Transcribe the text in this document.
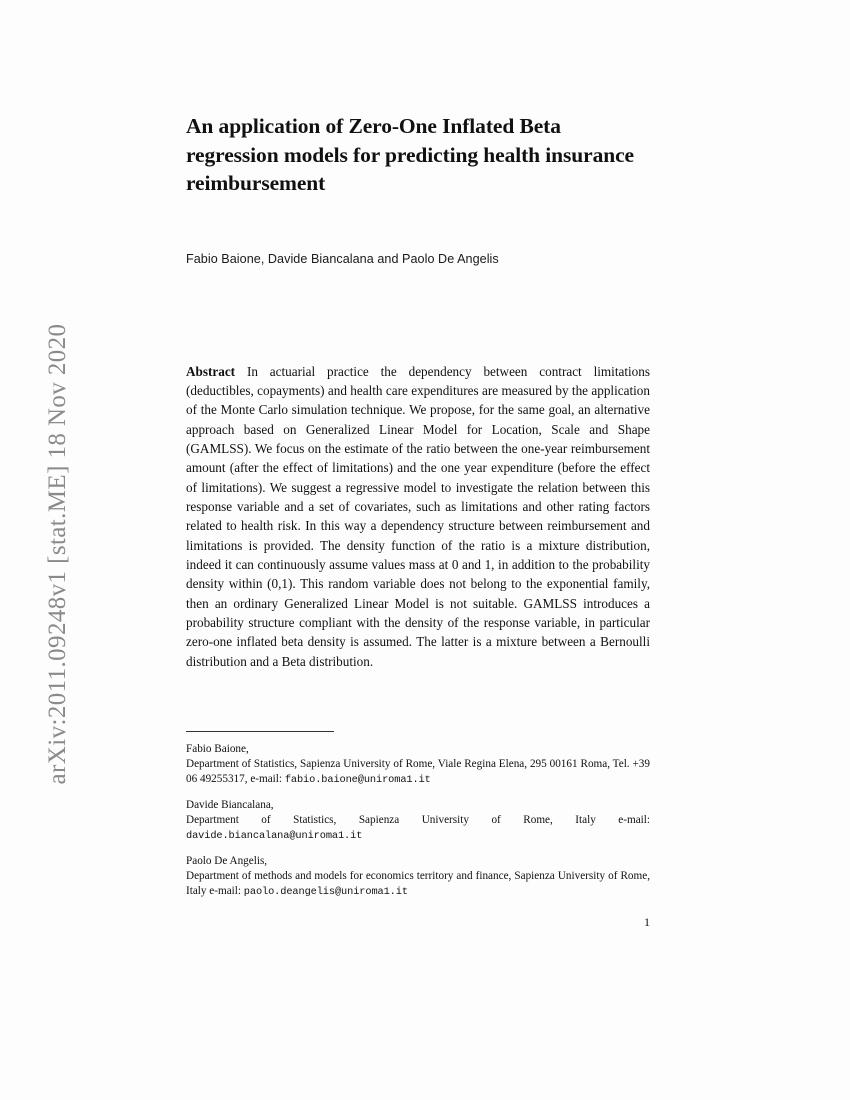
arXiv:2011.09248v1 [stat.ME] 18 Nov 2020
An application of Zero-One Inflated Beta regression models for predicting health insurance reimbursement
Fabio Baione, Davide Biancalana and Paolo De Angelis
Abstract In actuarial practice the dependency between contract limitations (deductibles, copayments) and health care expenditures are measured by the application of the Monte Carlo simulation technique. We propose, for the same goal, an alternative approach based on Generalized Linear Model for Location, Scale and Shape (GAMLSS). We focus on the estimate of the ratio between the one-year reimbursement amount (after the effect of limitations) and the one year expenditure (before the effect of limitations). We suggest a regressive model to investigate the relation between this response variable and a set of covariates, such as limitations and other rating factors related to health risk. In this way a dependency structure between reimbursement and limitations is provided. The density function of the ratio is a mixture distribution, indeed it can continuously assume values mass at 0 and 1, in addition to the probability density within (0,1). This random variable does not belong to the exponential family, then an ordinary Generalized Linear Model is not suitable. GAMLSS introduces a probability structure compliant with the density of the response variable, in particular zero-one inflated beta density is assumed. The latter is a mixture between a Bernoulli distribution and a Beta distribution.
Fabio Baione,
Department of Statistics, Sapienza University of Rome, Viale Regina Elena, 295 00161 Roma, Tel. +39 06 49255317, e-mail: fabio.baione@uniroma1.it
Davide Biancalana,
Department of Statistics, Sapienza University of Rome, Italy e-mail: davide.biancalana@uniroma1.it
Paolo De Angelis,
Department of methods and models for economics territory and finance, Sapienza University of Rome, Italy e-mail: paolo.deangelis@uniroma1.it
1
